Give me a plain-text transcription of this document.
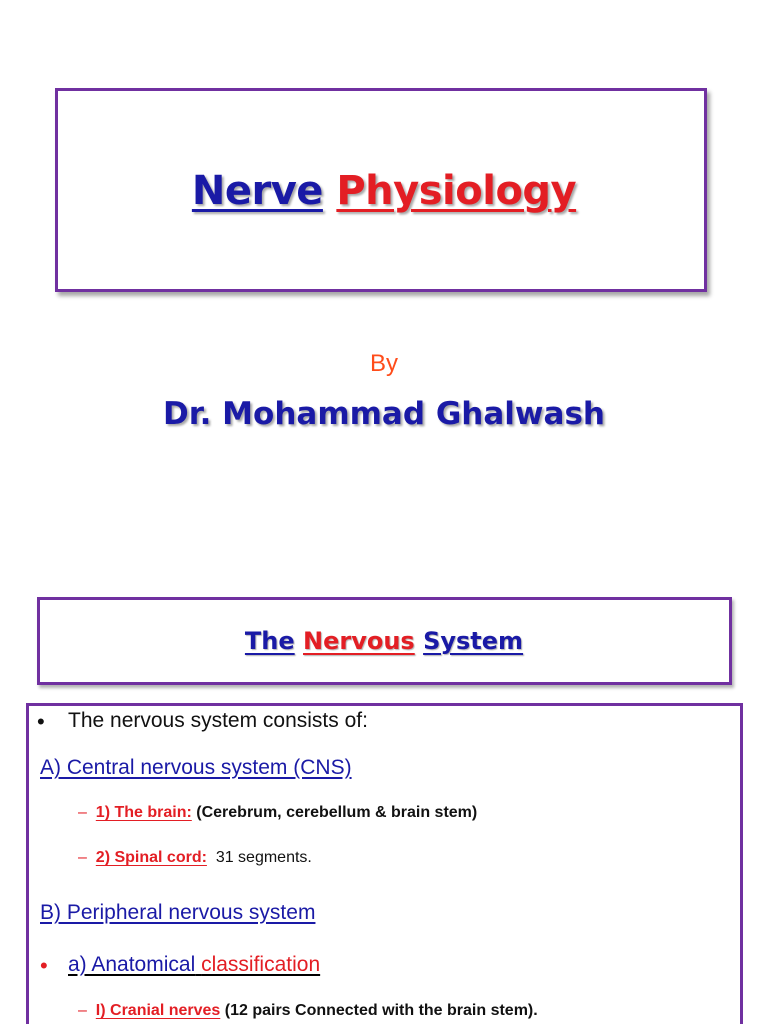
Nerve Physiology
By
Dr. Mohammad Ghalwash
The Nervous System
• The nervous system consists of:
A) Central nervous system (CNS)
– 1) The brain: (Cerebrum, cerebellum & brain stem)
– 2) Spinal cord: 31 segments.
B) Peripheral nervous system
• a) Anatomical classification
– I) Cranial nerves (12 pairs Connected with the brain stem).
